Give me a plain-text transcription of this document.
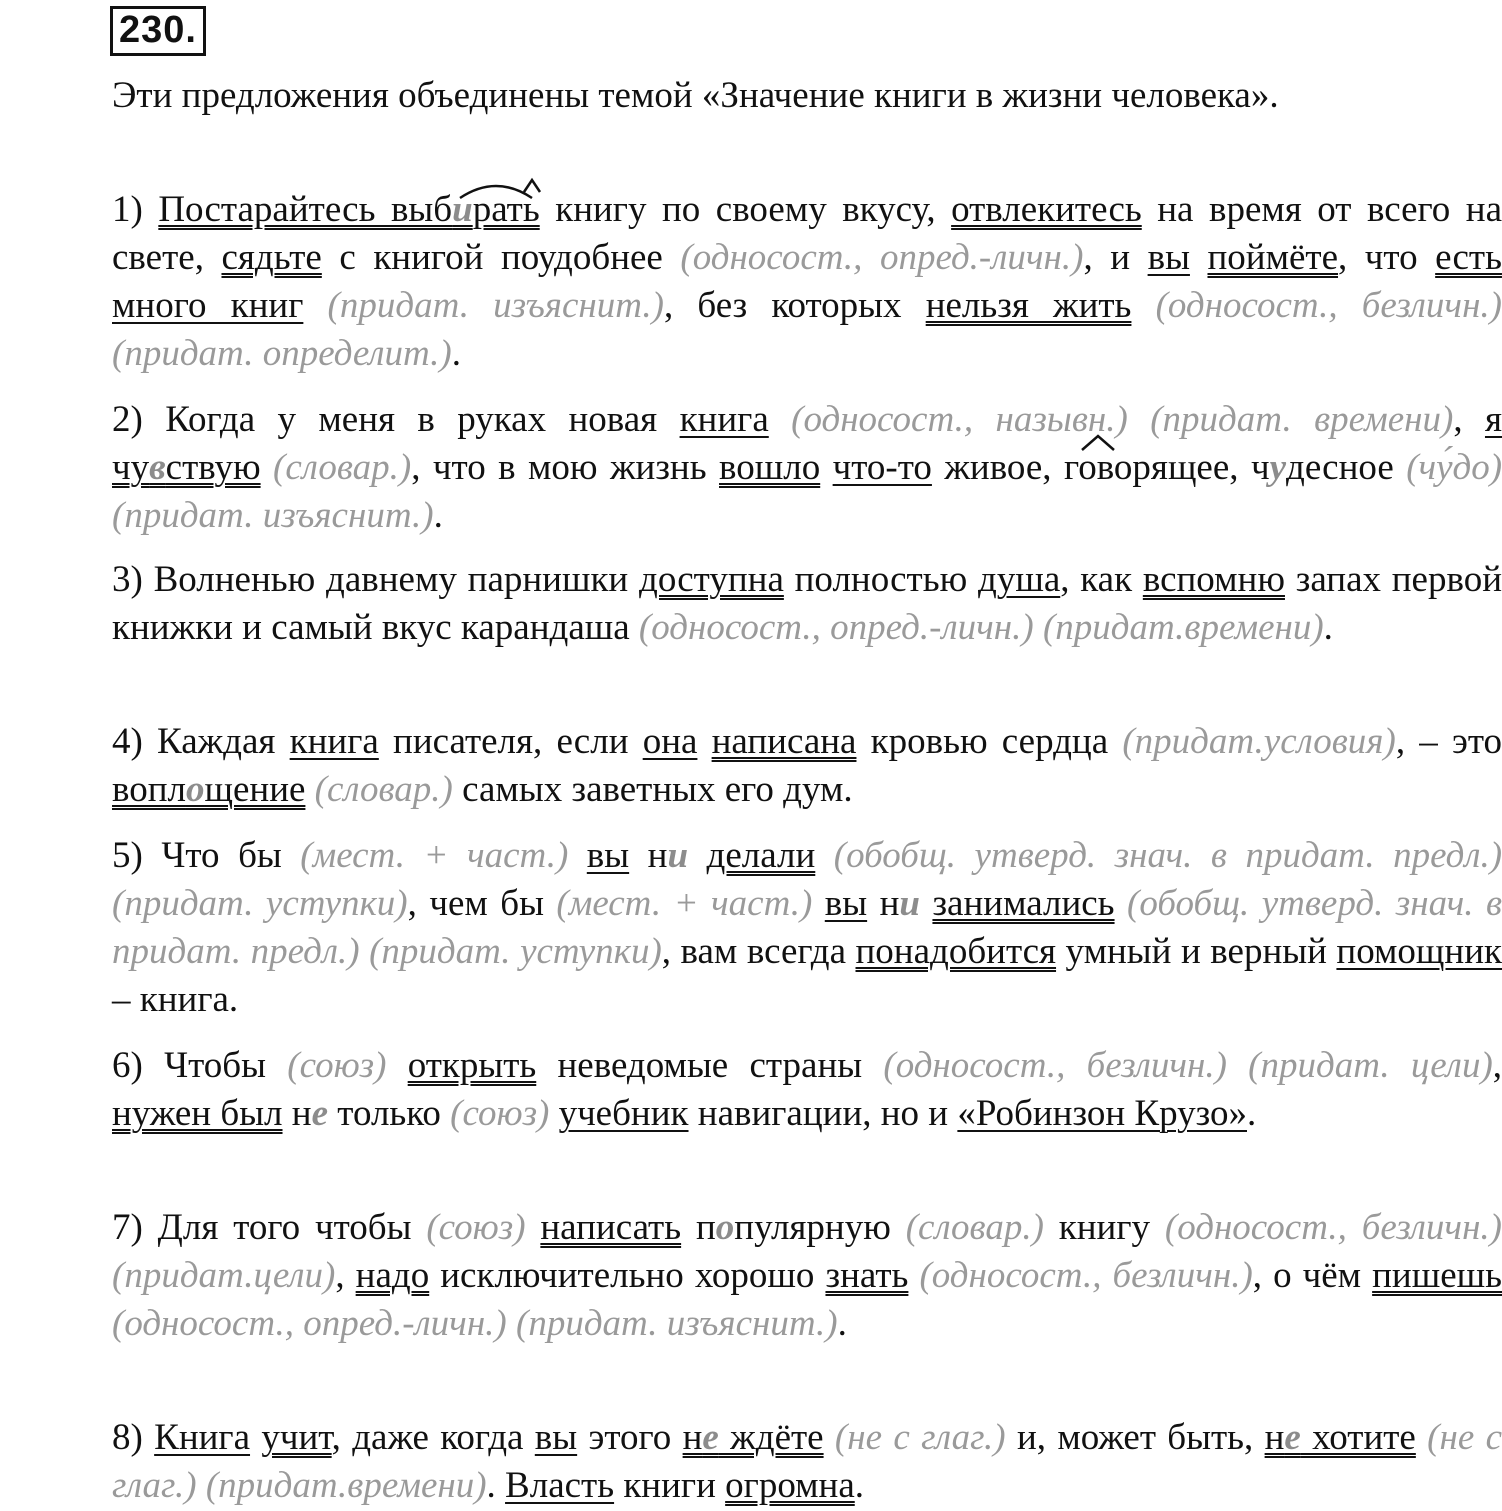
230.
Эти предложения объединены темой «Значение книги в жизни человека».
1) Постарайтесь выбирать книгу по своему вкусу, отвлекитесь на время от всего на свете, сядьте с книгой поудобнее (односост., опред.-личн.), и вы поймёте, что есть много книг (придат. изъяснит.), без которых нельзя жить (односост., безличн.) (придат. определит.).
2) Когда у меня в руках новая книга (односост., назывн.) (придат. времени), я чувствую (словар.), что в мою жизнь вошло что-то живое, говорящее, чудесное (чу́до) (придат. изъяснит.).
3) Волненью давнему парнишки доступна полностью душа, как вспомню запах первой книжки и самый вкус карандаша (односост., опред.-личн.) (придат.времени).
4) Каждая книга писателя, если она написана кровью сердца (придат.условия), – это воплощение (словар.) самых заветных его дум.
5) Что бы (мест. + част.) вы ни делали (обобщ. утверд. знач. в придат. предл.) (придат. уступки), чем бы (мест. + част.) вы ни занимались (обобщ. утверд. знач. в придат. предл.) (придат. уступки), вам всегда понадобится умный и верный помощник – книга.
6) Чтобы (союз) открыть неведомые страны (односост., безличн.) (придат. цели), нужен был не только (союз) учебник навигации, но и «Робинзон Крузо».
7) Для того чтобы (союз) написать популярную (словар.) книгу (односост., безличн.) (придат.цели), надо исключительно хорошо знать (односост., безличн.), о чём пишешь (односост., опред.-личн.) (придат. изъяснит.).
8) Книга учит, даже когда вы этого не ждёте (не с глаг.) и, может быть, не хотите (не с глаг.) (придат.времени). Власть книги огромна.
